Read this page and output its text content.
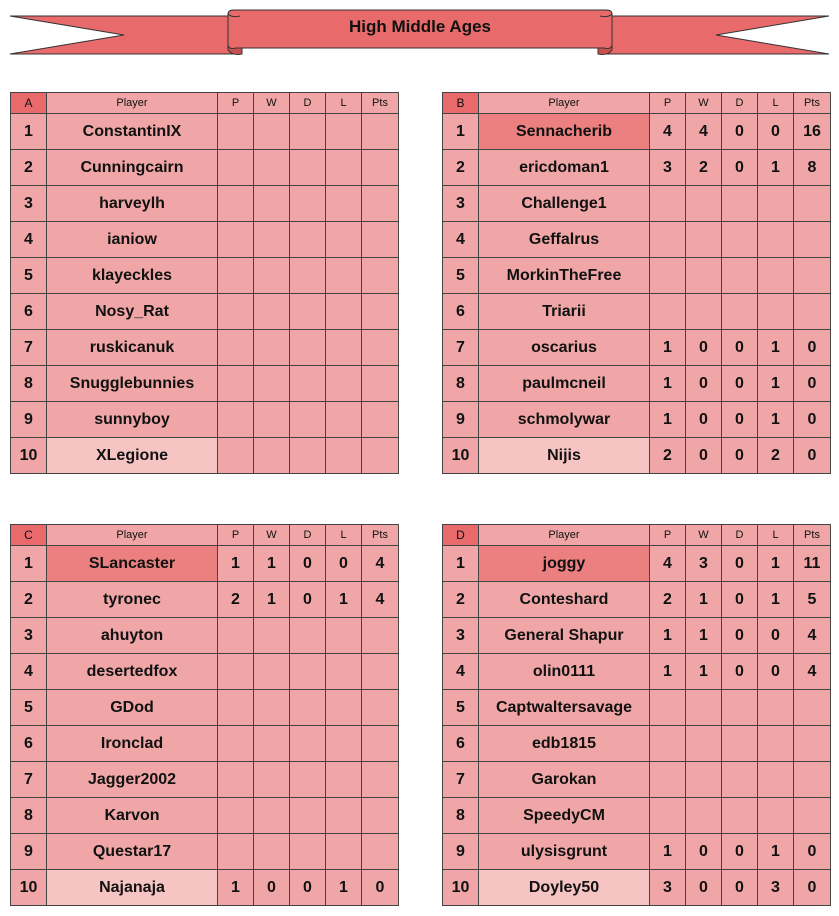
High Middle Ages
A	Player	P	W	D	L	Pts
1	ConstantinIX					
2	Cunningcairn					
3	harveylh					
4	ianiow					
5	klayeckles					
6	Nosy_Rat					
7	ruskicanuk					
8	Snugglebunnies					
9	sunnyboy					
10	XLegione					
B	Player	P	W	D	L	Pts
1	Sennacherib	4	4	0	0	16
2	ericdoman1	3	2	0	1	8
3	Challenge1					
4	Geffalrus					
5	MorkinTheFree					
6	Triarii					
7	oscarius	1	0	0	1	0
8	paulmcneil	1	0	0	1	0
9	schmolywar	1	0	0	1	0
10	Nijis	2	0	0	2	0
C	Player	P	W	D	L	Pts
1	SLancaster	1	1	0	0	4
2	tyronec	2	1	0	1	4
3	ahuyton					
4	desertedfox					
5	GDod					
6	Ironclad					
7	Jagger2002					
8	Karvon					
9	Questar17					
10	Najanaja	1	0	0	1	0
D	Player	P	W	D	L	Pts
1	joggy	4	3	0	1	11
2	Conteshard	2	1	0	1	5
3	General Shapur	1	1	0	0	4
4	olin0111	1	1	0	0	4
5	Captwaltersavage					
6	edb1815					
7	Garokan					
8	SpeedyCM					
9	ulysisgrunt	1	0	0	1	0
10	Doyley50	3	0	0	3	0
